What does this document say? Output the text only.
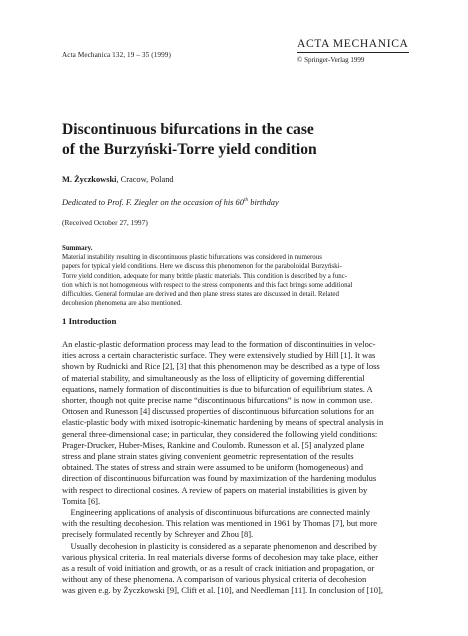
Acta Mechanica 132, 19 – 35 (1999)
ACTA MECHANICA
© Springer-Verlag 1999
Discontinuous bifurcations in the case
of the Burzyński-Torre yield condition
M. Życzkowski, Cracow, Poland
Dedicated to Prof. F. Ziegler on the occasion of his 60th birthday
(Received October 27, 1997)
Summary.
Material instability resulting in discontinuous plastic bifurcations was considered in numerous
papers for typical yield conditions. Here we discuss this phenomenon for the paraboloidal Burzyński-
Torre yield condition, adequate for many brittle plastic materials. This condition is described by a func-
tion which is not homogeneous with respect to the stress components and this fact brings some additional
difficulties. General formulae are derived and then plane stress states are discussed in detail. Related
decohesion phenomena are also mentioned.
1 Introduction
An elastic-plastic deformation process may lead to the formation of discontinuities in veloc-
ities across a certain characteristic surface. They were extensively studied by Hill [1]. It was
shown by Rudnicki and Rice [2], [3] that this phenomenon may be described as a type of loss
of material stability, and simultaneously as the loss of ellipticity of governing differential
equations, namely formation of discontinuities is due to bifurcation of equilibrium states. A
shorter, though not quite precise name “discontinuous bifurcations” is now in common use.
Ottosen and Runesson [4] discussed properties of discontinuous bifurcation solutions for an
elastic-plastic body with mixed isotropic-kinematic hardening by means of spectral analysis in
general three-dimensional case; in particular, they considered the following yield conditions:
Prager-Drucker, Huber-Mises, Rankine and Coulomb. Runesson et al. [5] analyzed plane
stress and plane strain states giving convenient geometric representation of the results
obtained. The states of stress and strain were assumed to be uniform (homogeneous) and
direction of discontinuous bifurcation was found by maximization of the hardening modulus
with respect to directional cosines. A review of papers on material instabilities is given by
Tomita [6].
Engineering applications of analysis of discontinuous bifurcations are connected mainly
with the resulting decohesion. This relation was mentioned in 1961 by Thomas [7], but more
precisely formulated recently by Schreyer and Zhou [8].
Usually decohesion in plasticity is considered as a separate phenomenon and described by
various physical criteria. In real materials diverse forms of decohesion may take place, either
as a result of void initiation and growth, or as a result of crack initiation and propagation, or
without any of these phenomena. A comparison of various physical criteria of decohesion
was given e.g. by Życzkowski [9], Clift et al. [10], and Needleman [11]. In conclusion of [10],
